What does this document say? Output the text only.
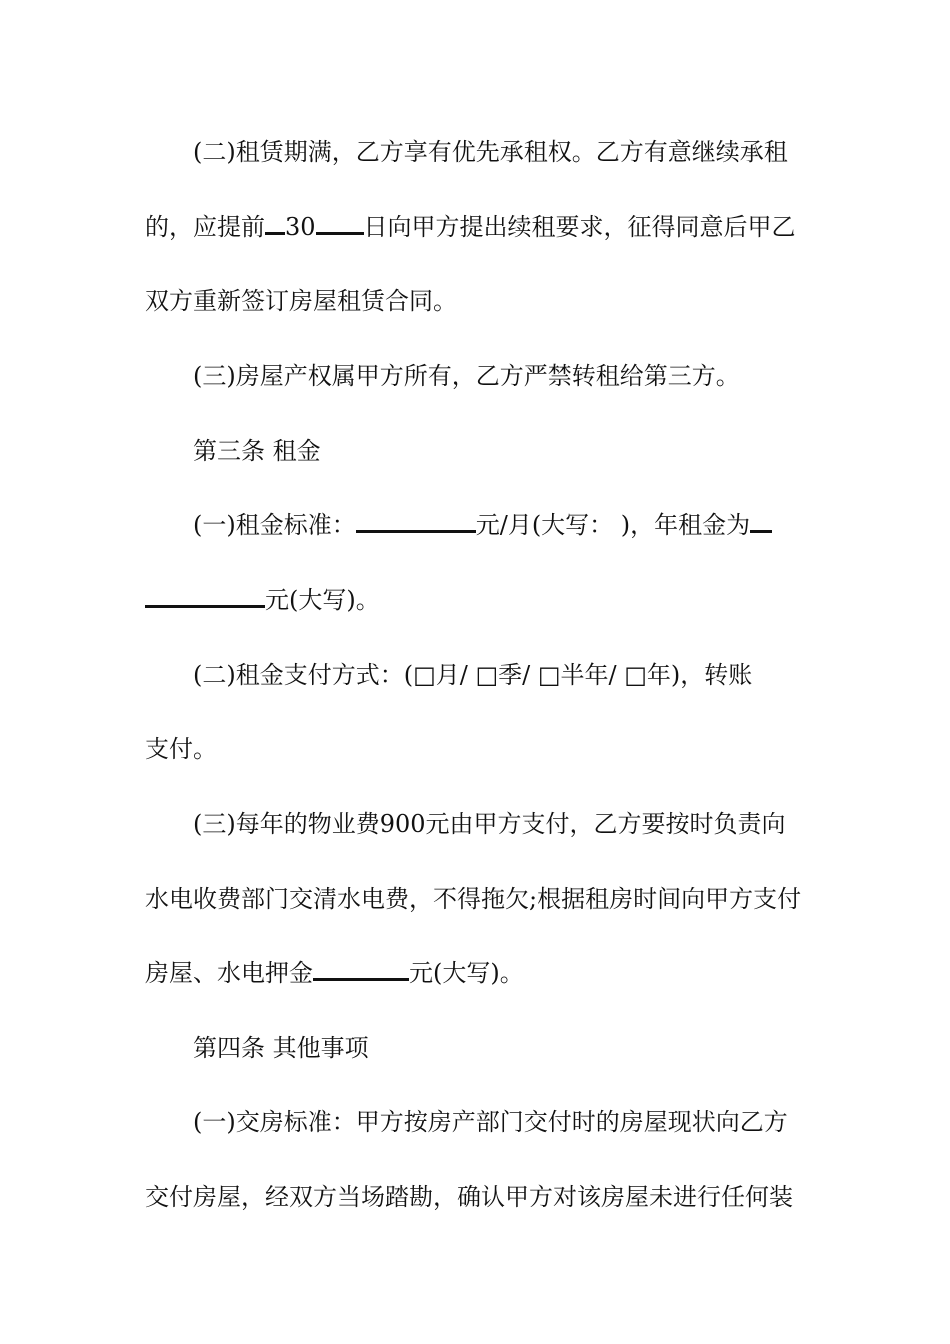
(二)租赁期满，乙方享有优先承租权。乙方有意继续承租
的，应提前 30 日向甲方提出续租要求，征得同意后甲乙
双方重新签订房屋租赁合同。
(三)房屋产权属甲方所有，乙方严禁转租给第三方。
第三条 租金
(一)租金标准：	元/月(大写： )，年租金为
元(大写)。
(二)租金支付方式：(□月/ □季/ □半年/ □年)，转账
支付。
(三)每年的物业费900元由甲方支付，乙方要按时负责向
水电收费部门交清水电费，不得拖欠;根据租房时间向甲方支付
房屋、水电押金	元(大写)。
第四条 其他事项
(一)交房标准：甲方按房产部门交付时的房屋现状向乙方
交付房屋，经双方当场踏勘，确认甲方对该房屋未进行任何装
